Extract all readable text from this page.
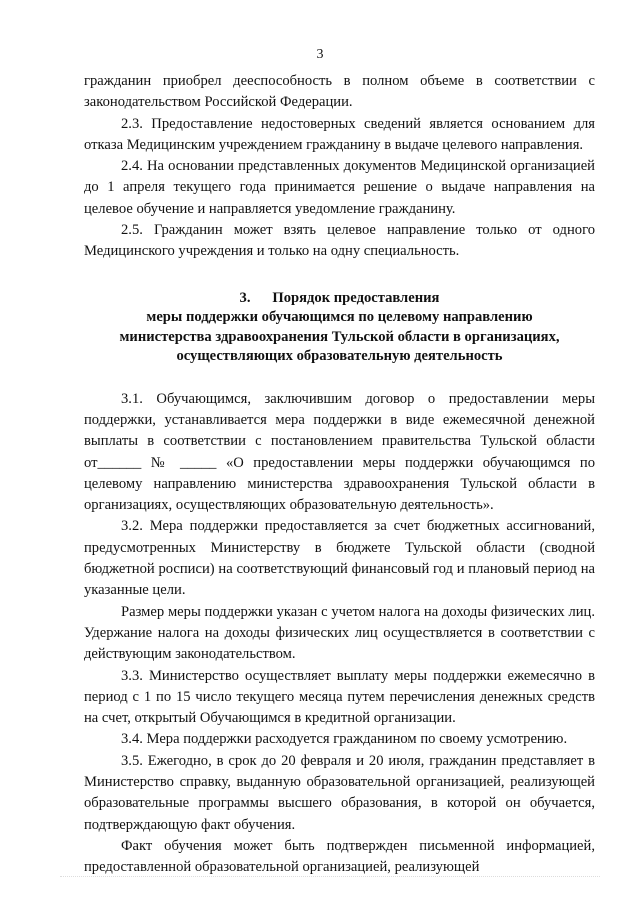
3

гражданин приобрел дееспособность в полном объеме в соответствии с законодательством Российской Федерации.

2.3. Предоставление недостоверных сведений является основанием для отказа Медицинским учреждением гражданину в выдаче целевого направления.

2.4. На основании представленных документов Медицинской организацией до 1 апреля текущего года принимается решение о выдаче направления на целевое обучение и направляется уведомление гражданину.

2.5. Гражданин может взять целевое направление только от одного Медицинского учреждения и только на одну специальность.

3.      Порядок предоставления
меры поддержки обучающимся по целевому направлению
министерства здравоохранения Тульской области в организациях,
осуществляющих образовательную деятельность

3.1. Обучающимся, заключившим договор о предоставлении меры поддержки, устанавливается мера поддержки в виде ежемесячной денежной выплаты в соответствии с постановлением правительства Тульской области от______ № _____ «О предоставлении меры поддержки обучающимся по целевому направлению министерства здравоохранения Тульской области в организациях, осуществляющих образовательную деятельность».

3.2. Мера поддержки предоставляется за счет бюджетных ассигнований, предусмотренных Министерству в бюджете Тульской области (сводной бюджетной росписи) на соответствующий финансовый год и плановый период на указанные цели.

Размер меры поддержки указан с учетом налога на доходы физических лиц. Удержание налога на доходы физических лиц осуществляется в соответствии с действующим законодательством.

3.3. Министерство осуществляет выплату меры поддержки ежемесячно в период с 1 по 15 число текущего месяца путем перечисления денежных средств на счет, открытый Обучающимся в кредитной организации.

3.4. Мера поддержки расходуется гражданином по своему усмотрению.

3.5. Ежегодно, в срок до 20 февраля и 20 июля, гражданин представляет в Министерство справку, выданную образовательной организацией, реализующей образовательные программы высшего образования, в которой он обучается, подтверждающую факт обучения.

Факт обучения может быть подтвержден письменной информацией, предоставленной образовательной организацией, реализующей
